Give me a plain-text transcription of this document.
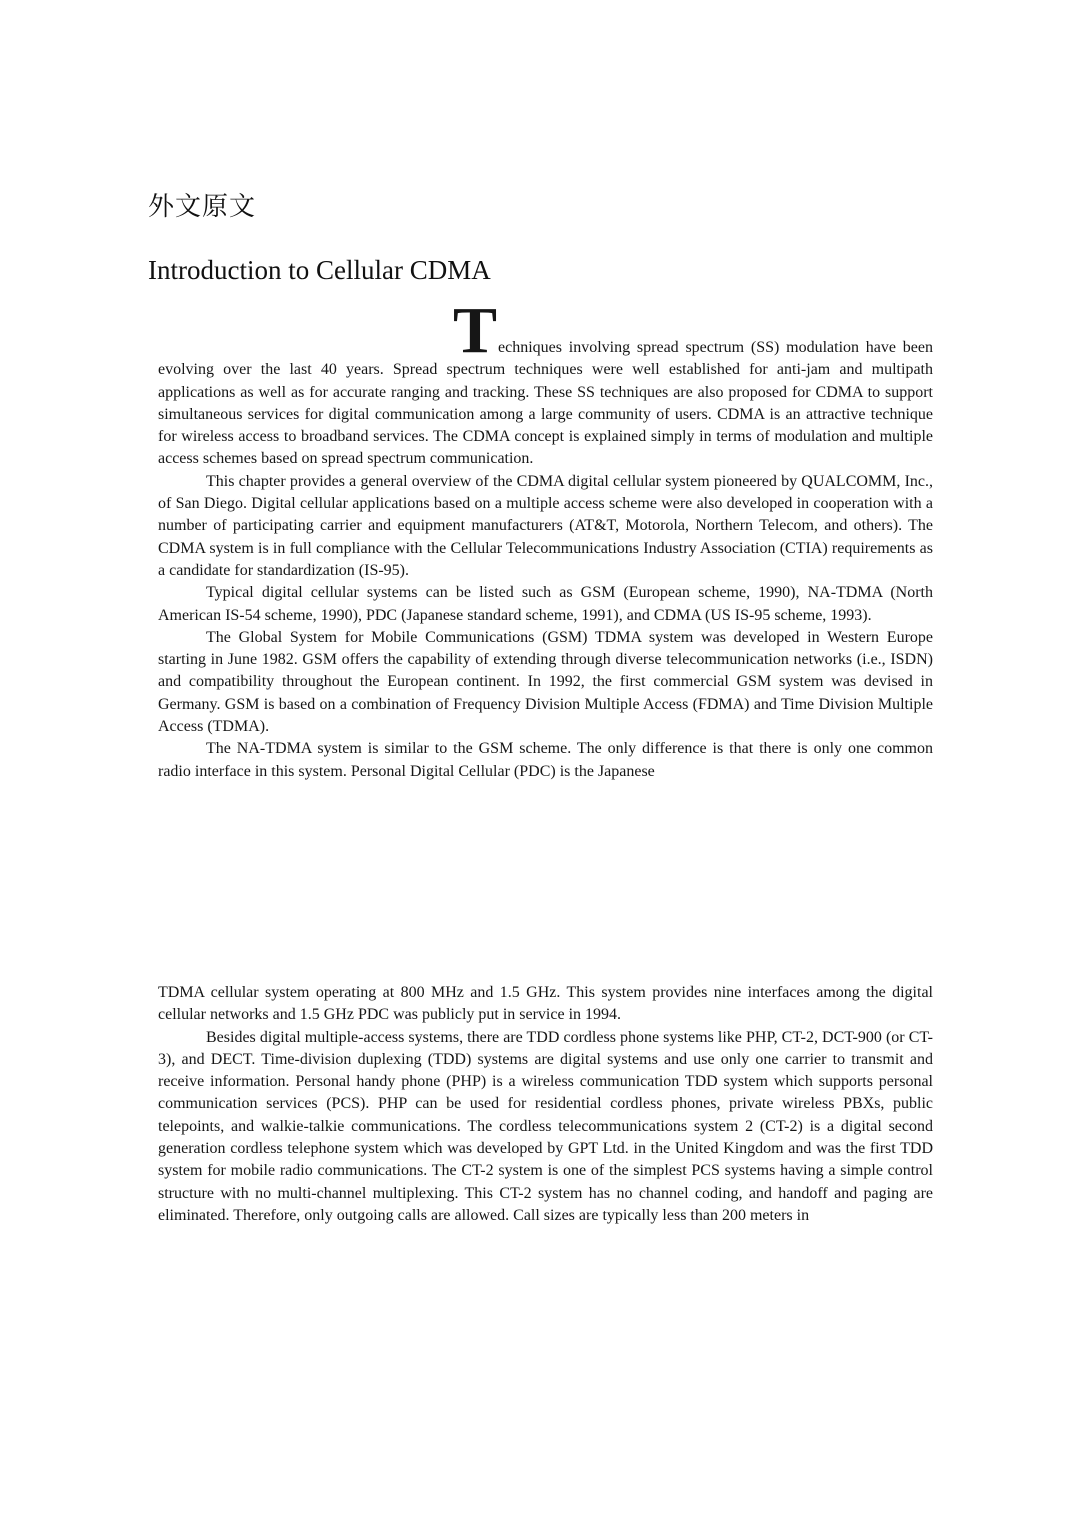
外文原文
Introduction to Cellular CDMA

Techniques involving spread spectrum (SS) modulation have been evolving over the last 40 years. Spread spectrum techniques were well established for anti-jam and multipath applications as well as for accurate ranging and tracking. These SS techniques are also proposed for CDMA to support simultaneous services for digital communication among a large community of users. CDMA is an attractive technique for wireless access to broadband services. The CDMA concept is explained simply in terms of modulation and multiple access schemes based on spread spectrum communication.

This chapter provides a general overview of the CDMA digital cellular system pioneered by QUALCOMM, Inc., of San Diego. Digital cellular applications based on a multiple access scheme were also developed in cooperation with a number of participating carrier and equipment manufacturers (AT&T, Motorola, Northern Telecom, and others). The CDMA system is in full compliance with the Cellular Telecommunications Industry Association (CTIA) requirements as a candidate for standardization (IS-95).

Typical digital cellular systems can be listed such as GSM (European scheme, 1990), NA-TDMA (North American IS-54 scheme, 1990), PDC (Japanese standard scheme, 1991), and CDMA (US IS-95 scheme, 1993).

The Global System for Mobile Communications (GSM) TDMA system was developed in Western Europe starting in June 1982. GSM offers the capability of extending through diverse telecommunication networks (i.e., ISDN) and compatibility throughout the European continent. In 1992, the first commercial GSM system was devised in Germany. GSM is based on a combination of Frequency Division Multiple Access (FDMA) and Time Division Multiple Access (TDMA).

The NA-TDMA system is similar to the GSM scheme. The only difference is that there is only one common radio interface in this system. Personal Digital Cellular (PDC) is the Japanese

TDMA cellular system operating at 800 MHz and 1.5 GHz. This system provides nine interfaces among the digital cellular networks and 1.5 GHz PDC was publicly put in service in 1994.

Besides digital multiple-access systems, there are TDD cordless phone systems like PHP, CT-2, DCT-900 (or CT-3), and DECT. Time-division duplexing (TDD) systems are digital systems and use only one carrier to transmit and receive information. Personal handy phone (PHP) is a wireless communication TDD system which supports personal communication services (PCS). PHP can be used for residential cordless phones, private wireless PBXs, public telepoints, and walkie-talkie communications. The cordless telecommunications system 2 (CT-2) is a digital second generation cordless telephone system which was developed by GPT Ltd. in the United Kingdom and was the first TDD system for mobile radio communications. The CT-2 system is one of the simplest PCS systems having a simple control structure with no multi-channel multiplexing. This CT-2 system has no channel coding, and handoff and paging are eliminated. Therefore, only outgoing calls are allowed. Call sizes are typically less than 200 meters in
